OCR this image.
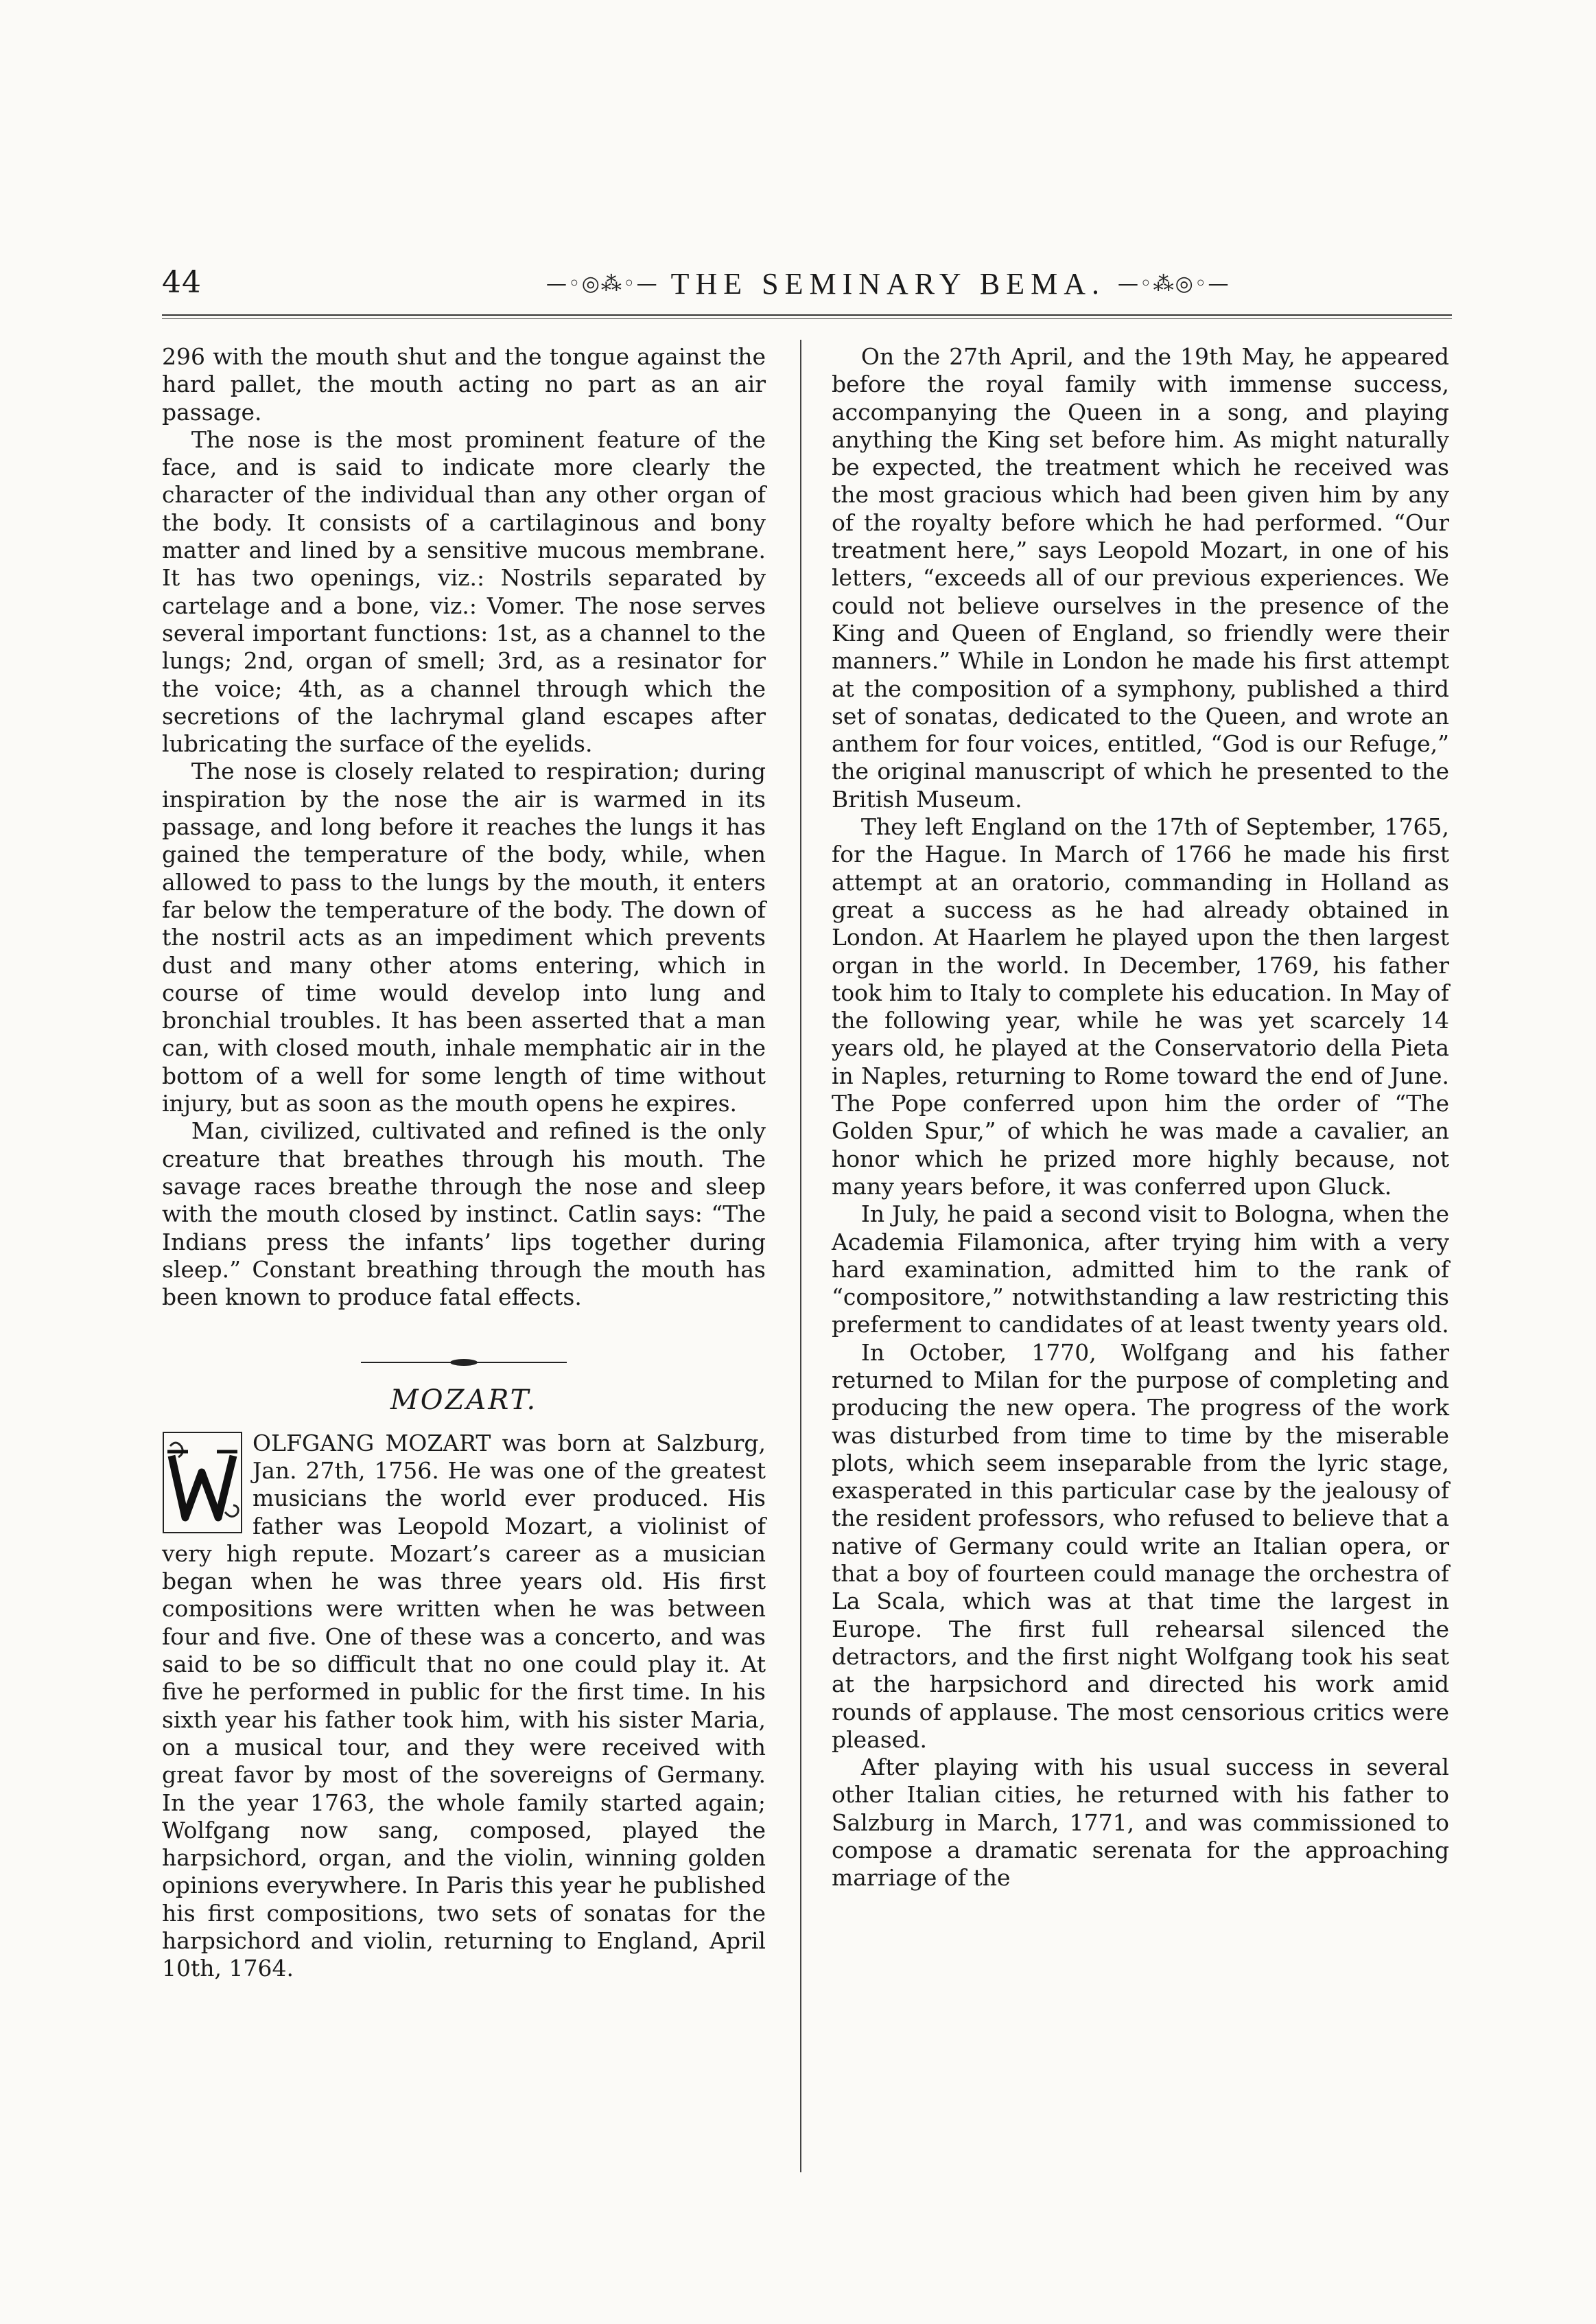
44	—◦◎⁂◦— THE SEMINARY BEMA. —◦⁂◎◦—

296 with the mouth shut and the tongue against the hard pallet, the mouth acting no part as an air passage.

The nose is the most prominent feature of the face, and is said to indicate more clearly the character of the individual than any other organ of the body. It consists of a cartilaginous and bony matter and lined by a sensitive mucous membrane. It has two openings, viz.: Nostrils separated by cartelage and a bone, viz.: Vomer. The nose serves several important functions: 1st, as a channel to the lungs; 2nd, organ of smell; 3rd, as a resinator for the voice; 4th, as a channel through which the secretions of the lachrymal gland escapes after lubricating the surface of the eyelids.

The nose is closely related to respiration; during inspiration by the nose the air is warmed in its passage, and long before it reaches the lungs it has gained the temperature of the body, while, when allowed to pass to the lungs by the mouth, it enters far below the temperature of the body. The down of the nostril acts as an impediment which prevents dust and many other atoms entering, which in course of time would develop into lung and bronchial troubles. It has been asserted that a man can, with closed mouth, inhale memphatic air in the bottom of a well for some length of time without injury, but as soon as the mouth opens he expires.

Man, civilized, cultivated and refined is the only creature that breathes through his mouth. The savage races breathe through the nose and sleep with the mouth closed by instinct. Catlin says: “The Indians press the infants’ lips together during sleep.” Constant breathing through the mouth has been known to produce fatal effects.

MOZART.

OLFGANG MOZART was born at Salzburg, Jan. 27th, 1756. He was one of the greatest musicians the world ever produced. His father was Leopold Mozart, a violinist of very high repute. Mozart’s career as a musician began when he was three years old. His first compositions were written when he was between four and five. One of these was a concerto, and was said to be so difficult that no one could play it. At five he performed in public for the first time. In his sixth year his father took him, with his sister Maria, on a musical tour, and they were received with great favor by most of the sovereigns of Germany. In the year 1763, the whole family started again; Wolfgang now sang, composed, played the harpsichord, organ, and the violin, winning golden opinions everywhere. In Paris this year he published his first compositions, two sets of sonatas for the harpsichord and violin, returning to England, April 10th, 1764.

On the 27th April, and the 19th May, he appeared before the royal family with immense success, accompanying the Queen in a song, and playing anything the King set before him. As might naturally be expected, the treatment which he received was the most gracious which had been given him by any of the royalty before which he had performed. “Our treatment here,” says Leopold Mozart, in one of his letters, “exceeds all of our previous experiences. We could not believe ourselves in the presence of the King and Queen of England, so friendly were their manners.” While in London he made his first attempt at the composition of a symphony, published a third set of sonatas, dedicated to the Queen, and wrote an anthem for four voices, entitled, “God is our Refuge,” the original manuscript of which he presented to the British Museum.

They left England on the 17th of September, 1765, for the Hague. In March of 1766 he made his first attempt at an oratorio, commanding in Holland as great a success as he had already obtained in London. At Haarlem he played upon the then largest organ in the world. In December, 1769, his father took him to Italy to complete his education. In May of the following year, while he was yet scarcely 14 years old, he played at the Conservatorio della Pieta in Naples, returning to Rome toward the end of June. The Pope conferred upon him the order of “The Golden Spur,” of which he was made a cavalier, an honor which he prized more highly because, not many years before, it was conferred upon Gluck.

In July, he paid a second visit to Bologna, when the Academia Filamonica, after trying him with a very hard examination, admitted him to the rank of “compositore,” notwithstanding a law restricting this preferment to candidates of at least twenty years old.

In October, 1770, Wolfgang and his father returned to Milan for the purpose of completing and producing the new opera. The progress of the work was disturbed from time to time by the miserable plots, which seem inseparable from the lyric stage, exasperated in this particular case by the jealousy of the resident professors, who refused to believe that a native of Germany could write an Italian opera, or that a boy of fourteen could manage the orchestra of La Scala, which was at that time the largest in Europe. The first full rehearsal silenced the detractors, and the first night Wolfgang took his seat at the harpsichord and directed his work amid rounds of applause. The most censorious critics were pleased.

After playing with his usual success in several other Italian cities, he returned with his father to Salzburg in March, 1771, and was commissioned to compose a dramatic serenata for the approaching marriage of the
